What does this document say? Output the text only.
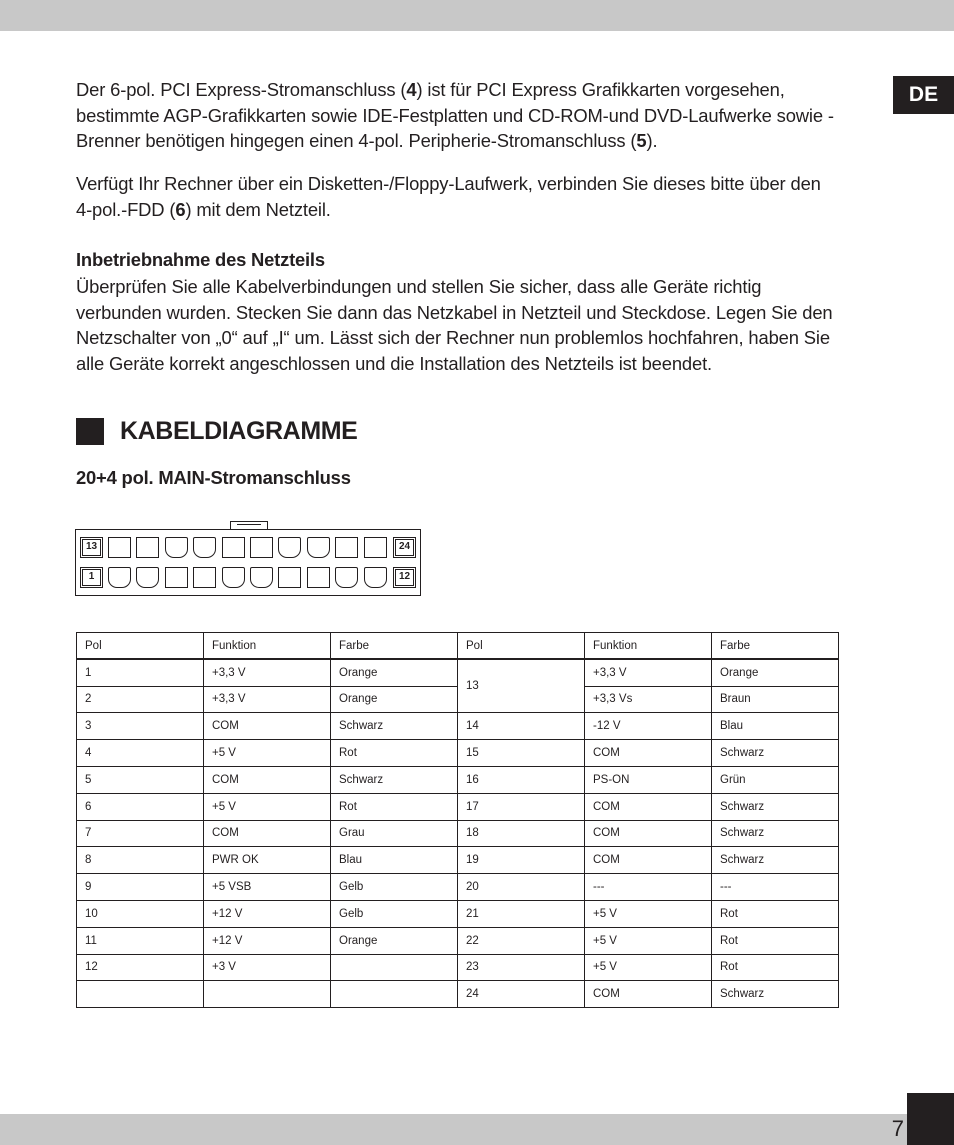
DE

Der 6-pol. PCI Express-Stromanschluss (4) ist für PCI Express Grafikkarten vorgesehen, bestimmte AGP-Grafikkarten sowie IDE-Festplatten und CD-ROM-und DVD-Laufwerke sowie -Brenner benötigen hingegen einen 4-pol. Peripherie-Stromanschluss (5).

Verfügt Ihr Rechner über ein Disketten-/Floppy-Laufwerk, verbinden Sie dieses bitte über den 4-pol.-FDD (6) mit dem Netzteil.

Inbetriebnahme des Netzteils

Überprüfen Sie alle Kabelverbindungen und stellen Sie sicher, dass alle Geräte richtig verbunden wurden. Stecken Sie dann das Netzkabel in Netzteil und Steckdose. Legen Sie den Netzschalter von „0“ auf „I“ um. Lässt sich der Rechner nun problemlos hochfahren, haben Sie alle Geräte korrekt angeschlossen und die Installation des Netzteils ist beendet.

KABELDIAGRAMME
20+4 pol. MAIN-Stromanschluss
13	24
1	12
Pol	Funktion	Farbe	Pol	Funktion	Farbe
1	+3,3 V	Orange	13	+3,3 V	Orange
2	+3,3 V	Orange		+3,3 Vs	Braun
3	COM	Schwarz	14	-12 V	Blau
4	+5 V	Rot	15	COM	Schwarz
5	COM	Schwarz	16	PS-ON	Grün
6	+5 V	Rot	17	COM	Schwarz
7	COM	Grau	18	COM	Schwarz
8	PWR OK	Blau	19	COM	Schwarz
9	+5 VSB	Gelb	20	---	---
10	+12 V	Gelb	21	+5 V	Rot
11	+12 V	Orange	22	+5 V	Rot
12	+3 V		23	+5 V	Rot
			24	COM	Schwarz
7
